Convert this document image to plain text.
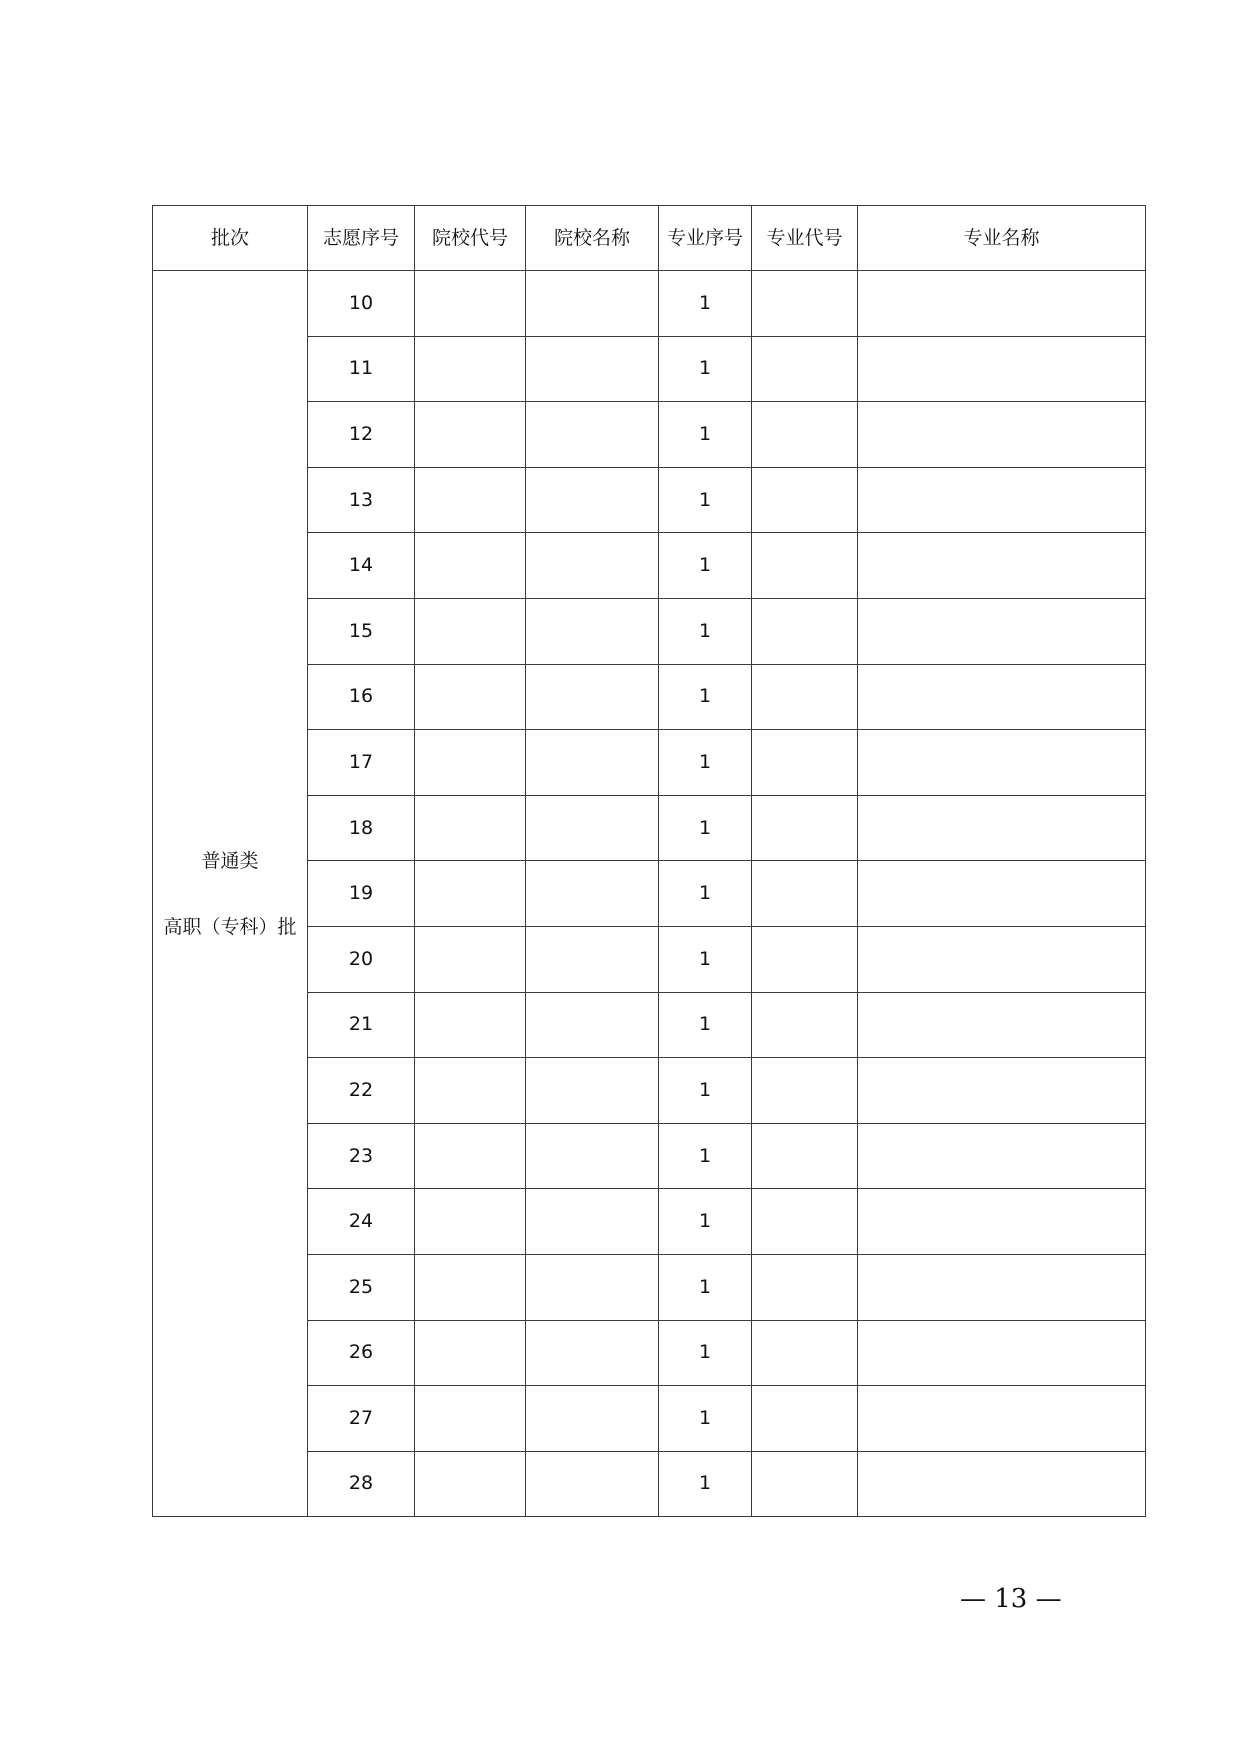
批次	志愿序号	院校代号	院校名称	专业序号	专业代号	专业名称

普通类
高职（专科）批	10			1		
	11			1		
	12			1		
	13			1		
	14			1		
	15			1		
	16			1		
	17			1		
	18			1		
	19			1		
	20			1		
	21			1		
	22			1		
	23			1		
	24			1		
	25			1		
	26			1		
	27			1		
	28			1		
— 13 —
